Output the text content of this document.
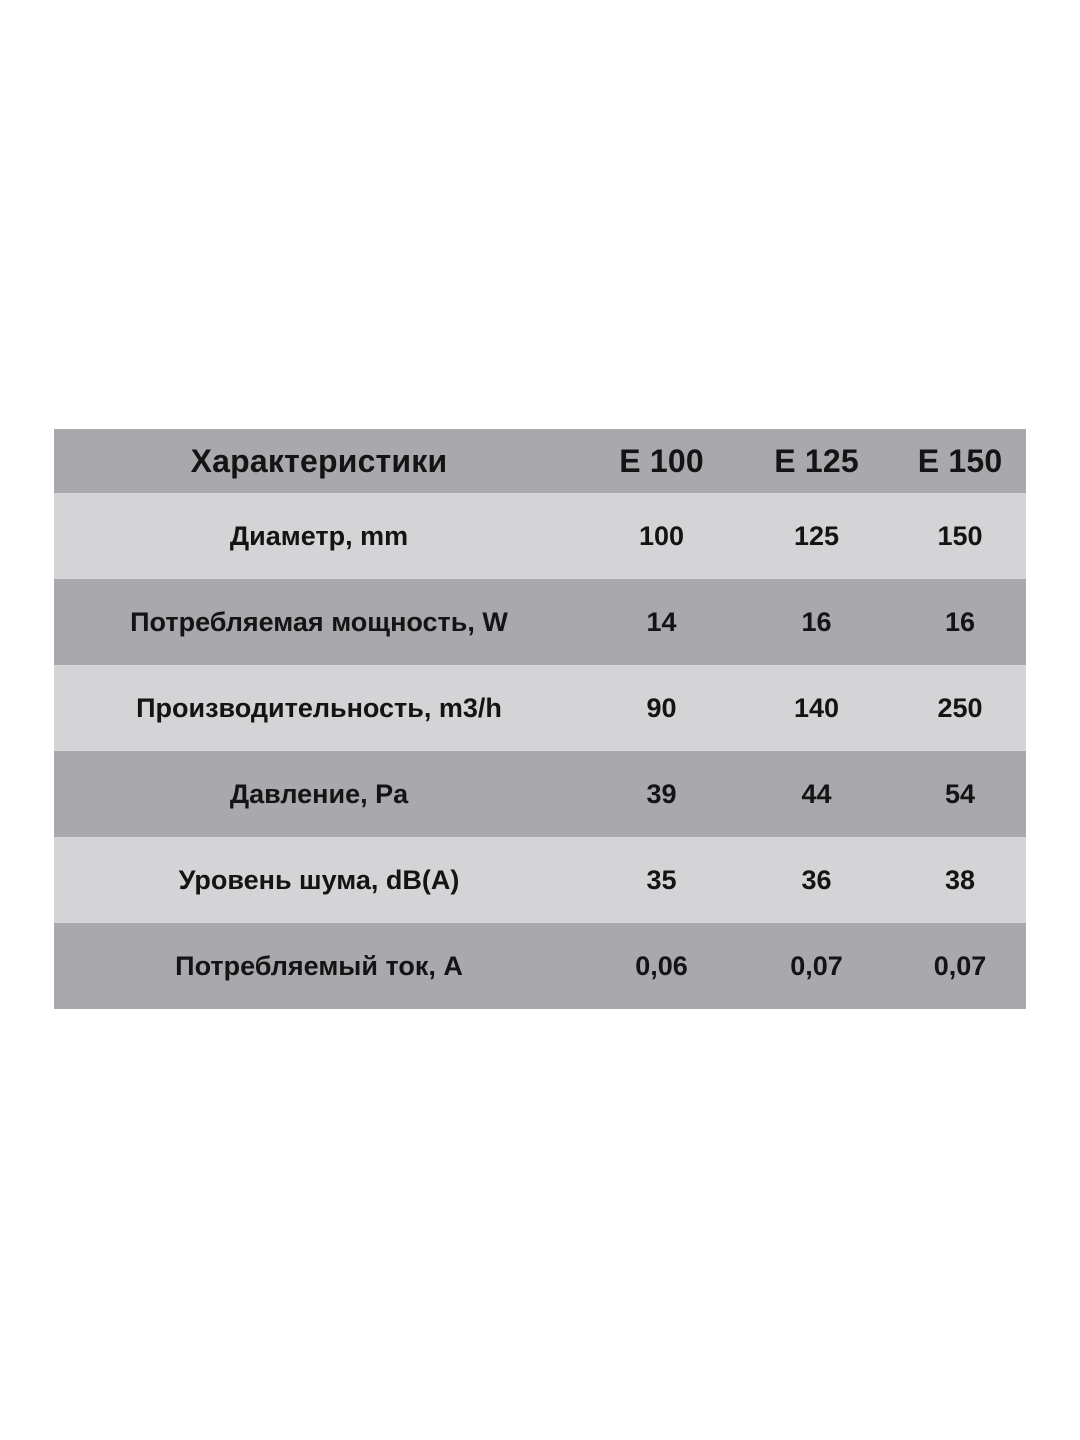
Характеристики	E 100	E 125	E 150
Диаметр, mm	100	125	150
Потребляемая мощность, W	14	16	16
Производительность, m3/h	90	140	250
Давление, Pa	39	44	54
Уровень шума, dB(A)	35	36	38
Потребляемый ток, A	0,06	0,07	0,07
